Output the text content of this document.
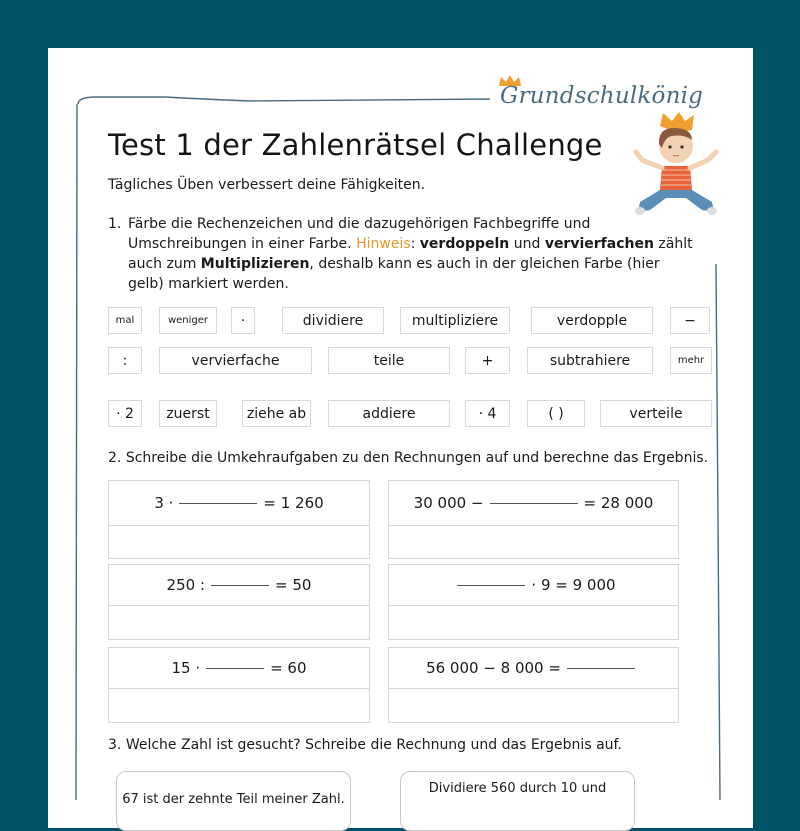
Grundschulkönig
Test 1 der Zahlenrätsel Challenge
Tägliches Üben verbessert deine Fähigkeiten.
1. Färbe die Rechenzeichen und die dazugehörigen Fachbegriffe und Umschreibungen in einer Farbe. Hinweis: verdoppeln und vervierfachen zählt auch zum Multiplizieren, deshalb kann es auch in der gleichen Farbe (hier gelb) markiert werden.
mal	weniger	·	dividiere	multipliziere	verdopple	−
:	vervierfache	teile	+	subtrahiere	mehr
· 2	zuerst	ziehe ab	addiere	· 4	( )	verteile
2. Schreibe die Umkehraufgaben zu den Rechnungen auf und berechne das Ergebnis.
3 ·	= 1 260	30 000 −	= 28 000
250 :	= 50	· 9 = 9 000
15 ·	= 60	56 000 − 8 000 =
3. Welche Zahl ist gesucht? Schreibe die Rechnung und das Ergebnis auf.
67 ist der zehnte Teil meiner Zahl.
Dividiere 560 durch 10 und
